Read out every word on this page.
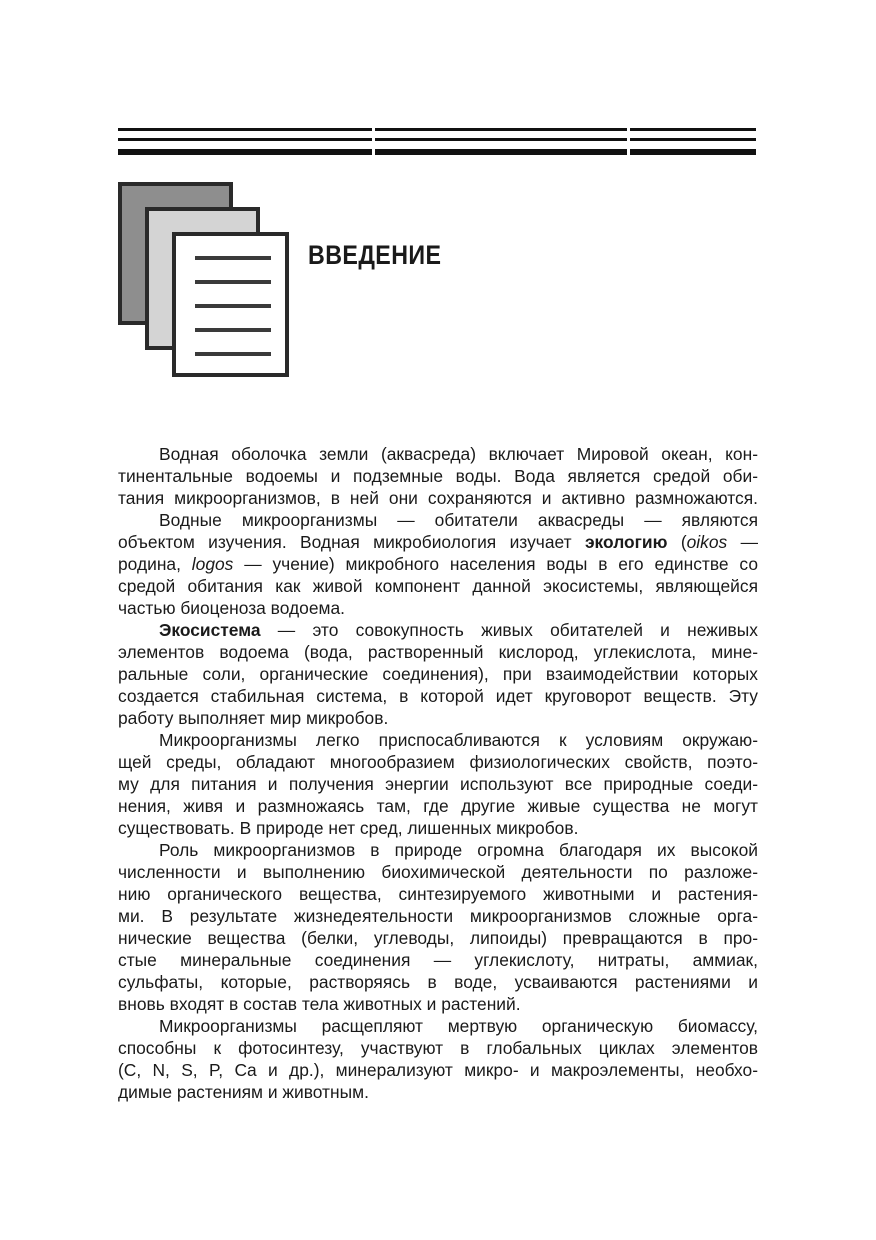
ВВЕДЕНИЕ
Водная оболочка земли (аквасреда) включает Мировой океан, кон-
тинентальные водоемы и подземные воды. Вода является средой оби-
тания микроорганизмов, в ней они сохраняются и активно размножаются.
Водные микроорганизмы — обитатели аквасреды — являются
объектом изучения. Водная микробиология изучает экологию (oikos —
родина, logos — учение) микробного населения воды в его единстве со
средой обитания как живой компонент данной экосистемы, являющейся
частью биоценоза водоема.
Экосистема — это совокупность живых обитателей и неживых
элементов водоема (вода, растворенный кислород, углекислота, мине-
ральные соли, органические соединения), при взаимодействии которых
создается стабильная система, в которой идет круговорот веществ. Эту
работу выполняет мир микробов.
Микроорганизмы легко приспосабливаются к условиям окружаю-
щей среды, обладают многообразием физиологических свойств, поэто-
му для питания и получения энергии используют все природные соеди-
нения, живя и размножаясь там, где другие живые существа не могут
существовать. В природе нет сред, лишенных микробов.
Роль микроорганизмов в природе огромна благодаря их высокой
численности и выполнению биохимической деятельности по разложе-
нию органического вещества, синтезируемого животными и растения-
ми. В результате жизнедеятельности микроорганизмов сложные орга-
нические вещества (белки, углеводы, липоиды) превращаются в про-
стые минеральные соединения — углекислоту, нитраты, аммиак,
сульфаты, которые, растворяясь в воде, усваиваются растениями и
вновь входят в состав тела животных и растений.
Микроорганизмы расщепляют мертвую органическую биомассу,
способны к фотосинтезу, участвуют в глобальных циклах элементов
(C, N, S, P, Ca и др.), минерализуют микро- и макроэлементы, необхо-
димые растениям и животным.
